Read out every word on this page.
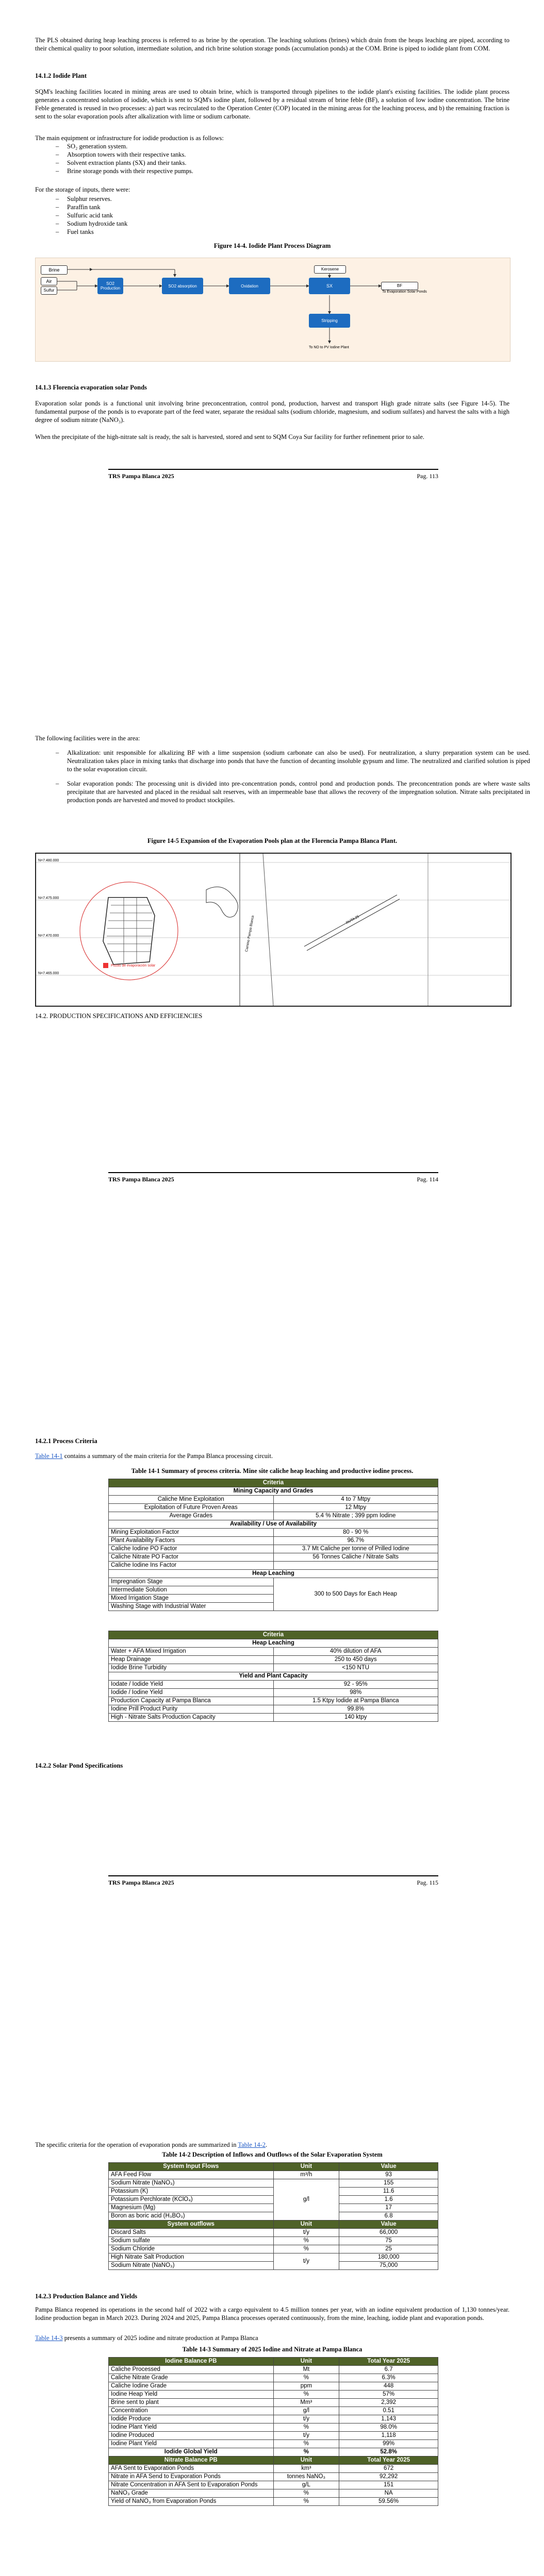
The PLS obtained during heap leaching process is referred to as brine by the operation. The leaching solutions (brines) which drain from the heaps leaching are piped, according to their chemical quality to poor solution, intermediate solution, and rich brine solution storage ponds (accumulation ponds) at the COM. Brine is piped to iodide plant from COM.

14.1.2 Iodide Plant

SQM's leaching facilities located in mining areas are used to obtain brine, which is transported through pipelines to the iodide plant's existing facilities. The iodide plant process generates a concentrated solution of iodide, which is sent to SQM's iodine plant, followed by a residual stream of brine feble (BF), a solution of low iodine concentration. The brine Feble generated is reused in two processes: a) part was recirculated to the Operation Center (COP) located in the mining areas for the leaching process, and b) the remaining fraction is sent to the solar evaporation pools after alkalization with lime or sodium carbonate.

The main equipment or infrastructure for iodide production is as follows:

– SO₂ generation system.
– Absorption towers with their respective tanks.
– Solvent extraction plants (SX) and their tanks.
– Brine storage ponds with their respective pumps.

For the storage of inputs, there were:

– Sulphur reserves.
– Paraffin tank
– Sulfuric acid tank
– Sodium hydroxide tank
– Fuel tanks
Figure 14-4. Iodide Plant Process Diagram
Brine
Air
Sulfur
SO2 Production	SO2 absorption	Oxidation	SX
Kerosene
BF
To Evaporation Solar Ponds
Stripping
To NO to PV Iodine Plant
14.1.3 Florencia evaporation solar Ponds

Evaporation solar ponds is a functional unit involving brine preconcentration, control pond, production, harvest and transport High grade nitrate salts (see Figure 14-5). The fundamental purpose of the ponds is to evaporate part of the feed water, separate the residual salts (sodium chloride, magnesium, and sodium sulfates) and harvest the salts with a high degree of sodium nitrate (NaNO₃).

When the precipitate of the high-nitrate salt is ready, the salt is harvested, stored and sent to SQM Coya Sur facility for further refinement prior to sale.

TRS Pampa Blanca 2025	Pag. 113

The following facilities were in the area:

– Alkalization: unit responsible for alkalizing BF with a lime suspension (sodium carbonate can also be used). For neutralization, a slurry preparation system can be used. Neutralization takes place in mixing tanks that discharge into ponds that have the function of decanting insoluble gypsum and lime. The neutralized and clarified solution is piped to the solar evaporation circuit.
– Solar evaporation ponds: The processing unit is divided into pre-concentration ponds, control pond and production ponds. The preconcentration ponds are where waste salts precipitate that are harvested and placed in the residual salt reserves, with an impermeable base that allows the recovery of the impregnation solution. Nitrate salts precipitated in production ponds are harvested and moved to product stockpiles.
Figure 14-5 Expansion of the Evaporation Pools plan at the Florencia Pampa Blanca Plant.
N=7.480.000
N=7.475.000
N=7.470.000
N=7.465.000
Pozas de evaporación solar
Camino Pampa Blanca	RUTA 25
14.2. PRODUCTION SPECIFICATIONS AND EFFICIENCIES
TRS Pampa Blanca 2025	Pag. 114
14.2.1 Process Criteria

Table 14-1 contains a summary of the main criteria for the Pampa Blanca processing circuit.

Table 14-1 Summary of process criteria. Mine site caliche heap leaching and productive iodine process.
Criteria	
Mining Capacity and Grades	
Caliche Mine Exploitation	4 to 7 Mtpy
Exploitation of Future Proven Areas	12 Mtpy
Average Grades	5.4 % Nitrate ; 399 ppm Iodine
Availability / Use of Availability	
Mining Exploitation Factor	80 - 90 %
Plant Availability Factors	96.7%
Caliche Iodine PO Factor	3.7 Mt Caliche per tonne of Prilled Iodine
Caliche Nitrate PO Factor	56 Tonnes Caliche / Nitrate Salts
Caliche Iodine Ins Factor	
Heap Leaching	
Impregnation Stage	300 to 500 Days for Each Heap
Intermediate Solution	
Mixed Irrigation Stage	
Washing Stage with Industrial Water	
Criteria	
Heap Leaching	
Water + AFA Mixed Irrigation	40% dilution of AFA
Heap Drainage	250 to 450 days
Iodide Brine Turbidity	<150 NTU
Yield and Plant Capacity	
Iodate / Iodide Yield	92 - 95%
Iodide / Iodine Yield	98%
Production Capacity at Pampa Blanca	1.5 Ktpy Iodide at Pampa Blanca
Iodine Prill Product Purity	99.8%
High - Nitrate Salts Production Capacity	140 ktpy
14.2.2 Solar Pond Specifications
TRS Pampa Blanca 2025	Pag. 115

The specific criteria for the operation of evaporation ponds are summarized in Table 14-2.

Table 14-2 Description of Inflows and Outflows of the Solar Evaporation System
System Input Flows	Unit	Value
AFA Feed Flow	m³/h	93
Sodium Nitrate (NaNO₃)	g/l	155
Potassium (K)		11.6
Potassium Perchlorate (KClO₄)		1.6
Magnesium (Mg)		17
Boron as boric acid (H₃BO₃)		6.8
System outflows	Unit	Value
Discard Salts	t/y	66,000
Sodium sulfate	%	75
Sodium Chloride	%	25
High Nitrate Salt Production	t/y	180,000
Sodium Nitrate (NaNO₃)		75,000
14.2.3 Production Balance and Yields

Pampa Blanca reopened its operations in the second half of 2022 with a cargo equivalent to 4.5 million tonnes per year, with an iodine equivalent production of 1,130 tonnes/year. Iodine production began in March 2023. During 2024 and 2025, Pampa Blanca processes operated continuously, from the mine, leaching, iodide plant and evaporation ponds.

Table 14-3 presents a summary of 2025 iodine and nitrate production at Pampa Blanca

Table 14-3 Summary of 2025 Iodine and Nitrate at Pampa Blanca
Iodine Balance PB	Unit	Total Year 2025
Caliche Processed	Mt	6.7
Caliche Nitrate Grade	%	6.3%
Caliche Iodine Grade	ppm	448
Iodine Heap Yield	%	57%
Brine sent to plant	Mm³	2,392
Concentration	g/l	0.51
Iodide Produce	t/y	1,143
Iodine Plant Yield	%	98.0%
Iodine Produced	t/y	1,118
Iodine Plant Yield	%	99%
Iodide Global Yield	%	52.8%
Nitrate Balance PB	Unit	Total Year 2025
AFA Sent to Evaporation Ponds	km³	672
Nitrate in AFA Send to Evaporation Ponds	tonnes NaNO₃	92,292
Nitrate Concentration in AFA Sent to Evaporation Ponds	g/L	151
NaNO₃ Grade	%	NA
Yield of NaNO₃ from Evaporation Ponds	%	59.56%
